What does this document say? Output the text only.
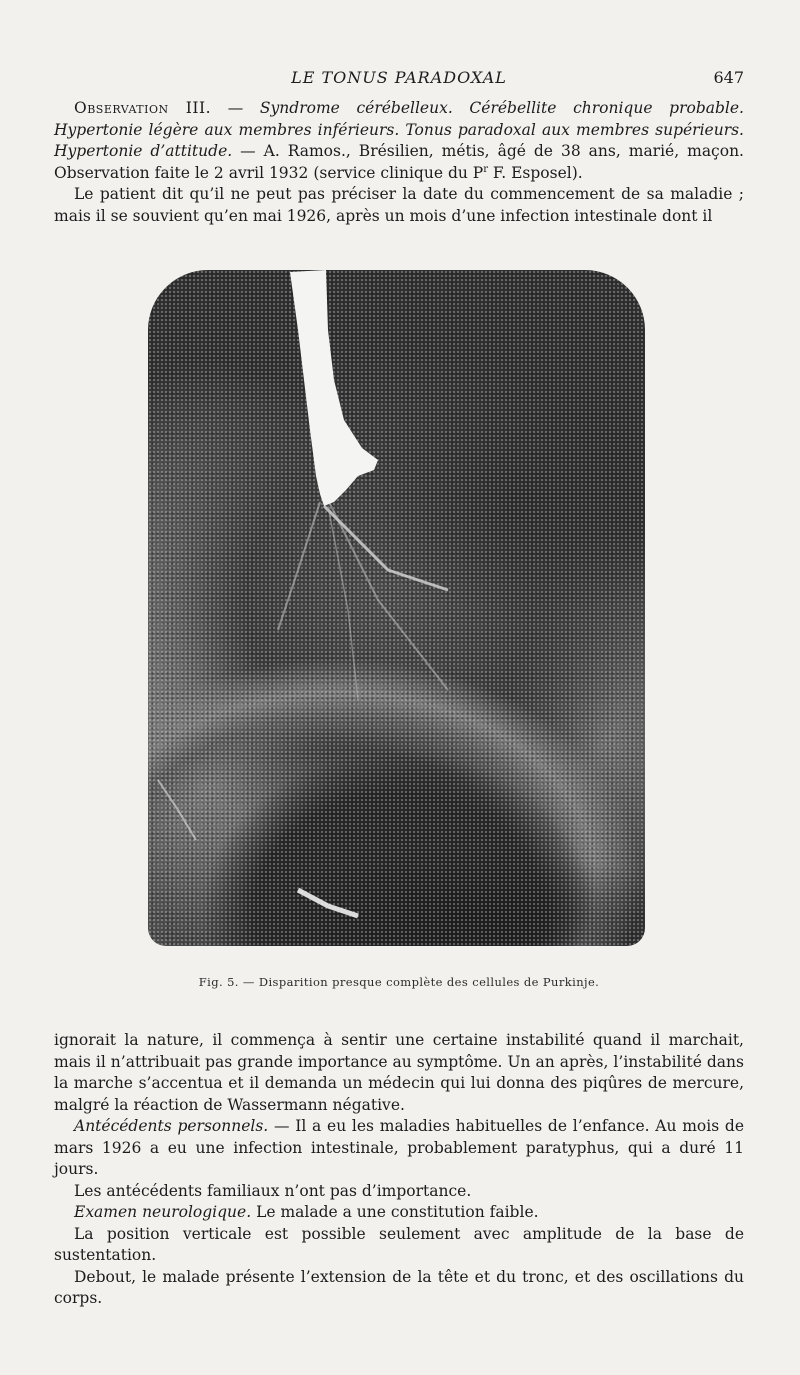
LE TONUS PARADOXAL	647

Observation III. — Syndrome cérébelleux. Cérébellite chronique probable. Hypertonie légère aux membres inférieurs. Tonus paradoxal aux membres supérieurs. Hypertonie d’attitude. — A. Ramos., Brésilien, métis, âgé de 38 ans, marié, maçon. Observation faite le 2 avril 1932 (service clinique du $P^r$ F. Esposel).

Le patient dit qu’il ne peut pas préciser la date du commencement de sa maladie ; mais il se souvient qu’en mai 1926, après un mois d’une infection intestinale dont il

Fig. 5. — Disparition presque complète des cellules de Purkinje.

ignorait la nature, il commença à sentir une certaine instabilité quand il marchait, mais il n’attribuait pas grande importance au symptôme. Un an après, l’instabilité dans la marche s’accentua et il demanda un médecin qui lui donna des piqûres de mercure, malgré la réaction de Wassermann négative.

Antécédents personnels. — Il a eu les maladies habituelles de l’enfance. Au mois de mars 1926 a eu une infection intestinale, probablement paratyphus, qui a duré 11 jours.

Les antécédents familiaux n’ont pas d’importance.

Examen neurologique. Le malade a une constitution faible.

La position verticale est possible seulement avec amplitude de la base de sustentation.

Debout, le malade présente l’extension de la tête et du tronc, et des oscillations du corps.
